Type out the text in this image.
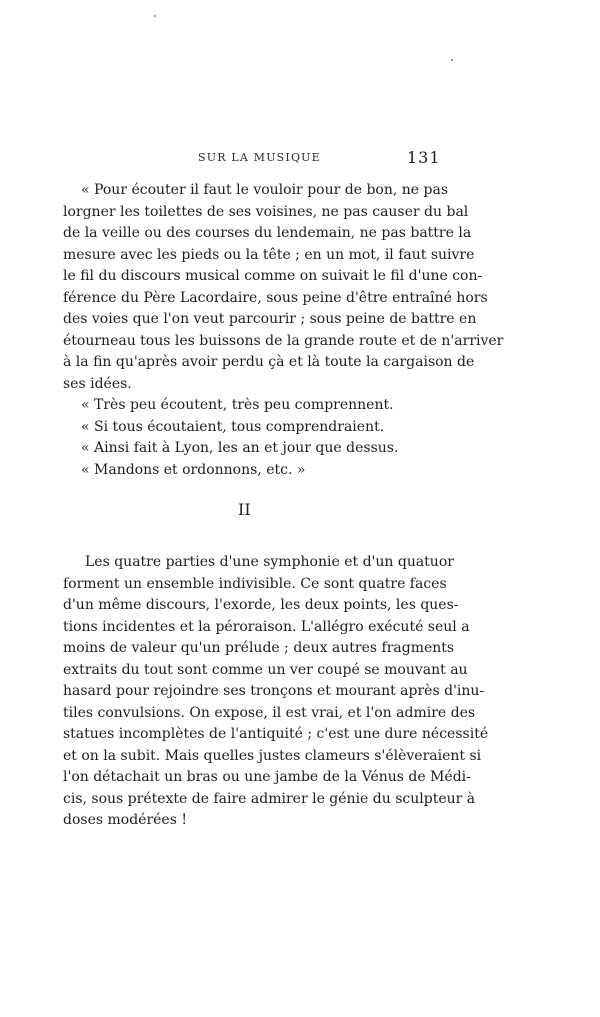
SUR LA MUSIQUE	131
« Pour écouter il faut le vouloir pour de bon, ne pas
lorgner les toilettes de ses voisines, ne pas causer du bal
de la veille ou des courses du lendemain, ne pas battre la
mesure avec les pieds ou la tête ; en un mot, il faut suivre
le fil du discours musical comme on suivait le fil d'une con-
férence du Père Lacordaire, sous peine d'être entraîné hors
des voies que l'on veut parcourir ; sous peine de battre en
étourneau tous les buissons de la grande route et de n'arriver
à la fin qu'après avoir perdu çà et là toute la cargaison de
ses idées.
« Très peu écoutent, très peu comprennent.
« Si tous écoutaient, tous comprendraient.
« Ainsi fait à Lyon, les an et jour que dessus.
« Mandons et ordonnons, etc. »
II
Les quatre parties d'une symphonie et d'un quatuor
forment un ensemble indivisible. Ce sont quatre faces
d'un même discours, l'exorde, les deux points, les ques-
tions incidentes et la péroraison. L'allégro exécuté seul a
moins de valeur qu'un prélude ; deux autres fragments
extraits du tout sont comme un ver coupé se mouvant au
hasard pour rejoindre ses tronçons et mourant après d'inu-
tiles convulsions. On expose, il est vrai, et l'on admire des
statues incomplètes de l'antiquité ; c'est une dure nécessité
et on la subit. Mais quelles justes clameurs s'élèveraient si
l'on détachait un bras ou une jambe de la Vénus de Médi-
cis, sous prétexte de faire admirer le génie du sculpteur à
doses modérées !
